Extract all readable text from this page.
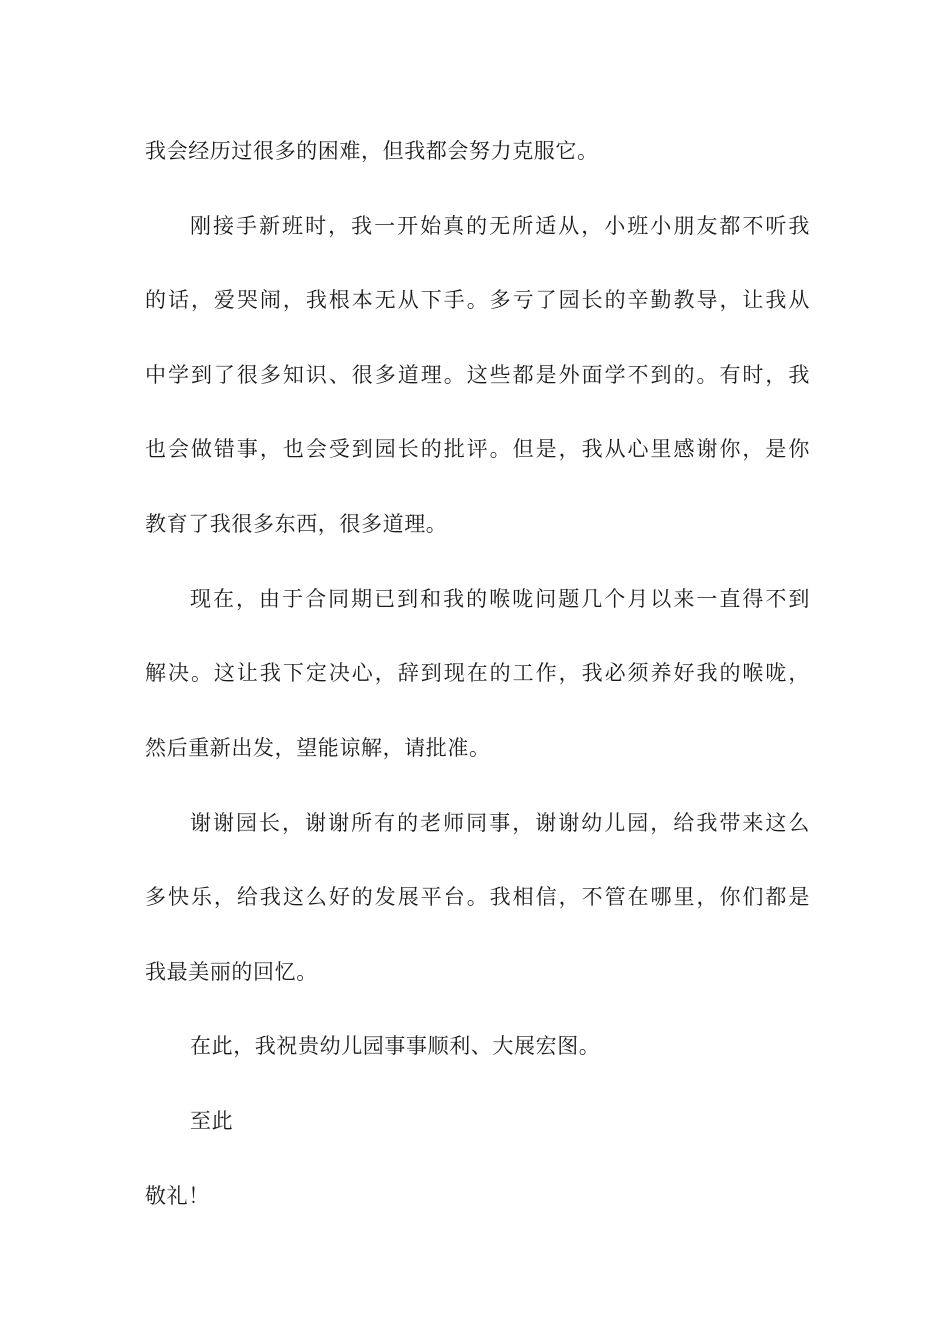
我会经历过很多的困难，但我都会努力克服它。
刚接手新班时，我一开始真的无所适从，小班小朋友都不听我
的话，爱哭闹，我根本无从下手。多亏了园长的辛勤教导，让我从
中学到了很多知识、很多道理。这些都是外面学不到的。有时，我
也会做错事，也会受到园长的批评。但是，我从心里感谢你，是你
教育了我很多东西，很多道理。
现在，由于合同期已到和我的喉咙问题几个月以来一直得不到
解决。这让我下定决心，辞到现在的工作，我必须养好我的喉咙，
然后重新出发，望能谅解，请批准。
谢谢园长，谢谢所有的老师同事，谢谢幼儿园，给我带来这么
多快乐，给我这么好的发展平台。我相信，不管在哪里，你们都是
我最美丽的回忆。
在此，我祝贵幼儿园事事顺利、大展宏图。
至此
敬礼！
